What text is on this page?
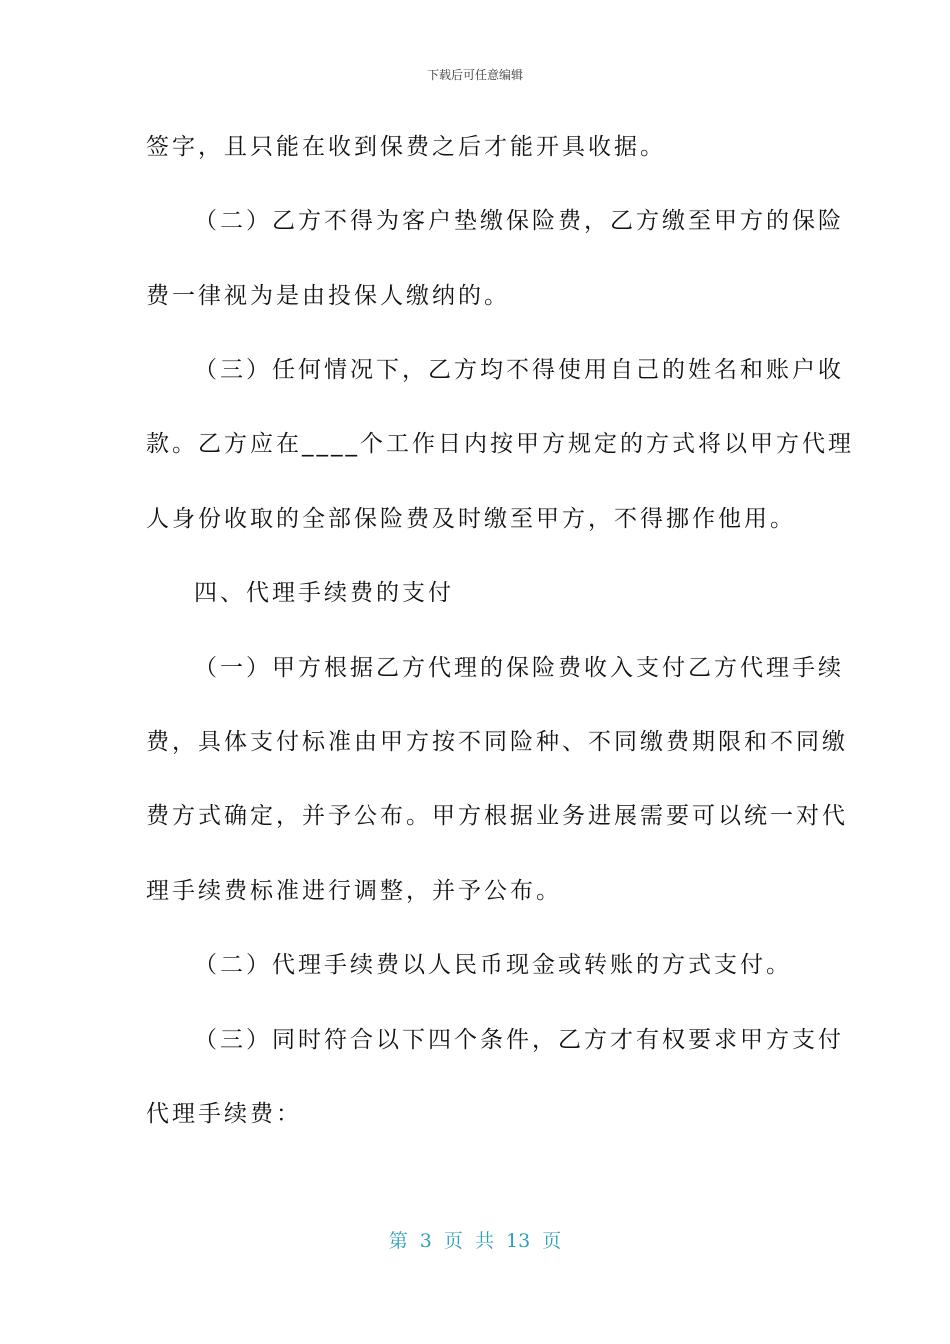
下载后可任意编辑
签字，且只能在收到保费之后才能开具收据。
（二）乙方不得为客户垫缴保险费，乙方缴至甲方的保险
费一律视为是由投保人缴纳的。
（三）任何情况下，乙方均不得使用自己的姓名和账户收
款。乙方应在____个工作日内按甲方规定的方式将以甲方代理
人身份收取的全部保险费及时缴至甲方，不得挪作他用。
四、代理手续费的支付
（一）甲方根据乙方代理的保险费收入支付乙方代理手续
费，具体支付标准由甲方按不同险种、不同缴费期限和不同缴
费方式确定，并予公布。甲方根据业务进展需要可以统一对代
理手续费标准进行调整，并予公布。
（二）代理手续费以人民币现金或转账的方式支付。
（三）同时符合以下四个条件，乙方才有权要求甲方支付
代理手续费：
第 3 页 共 13 页
